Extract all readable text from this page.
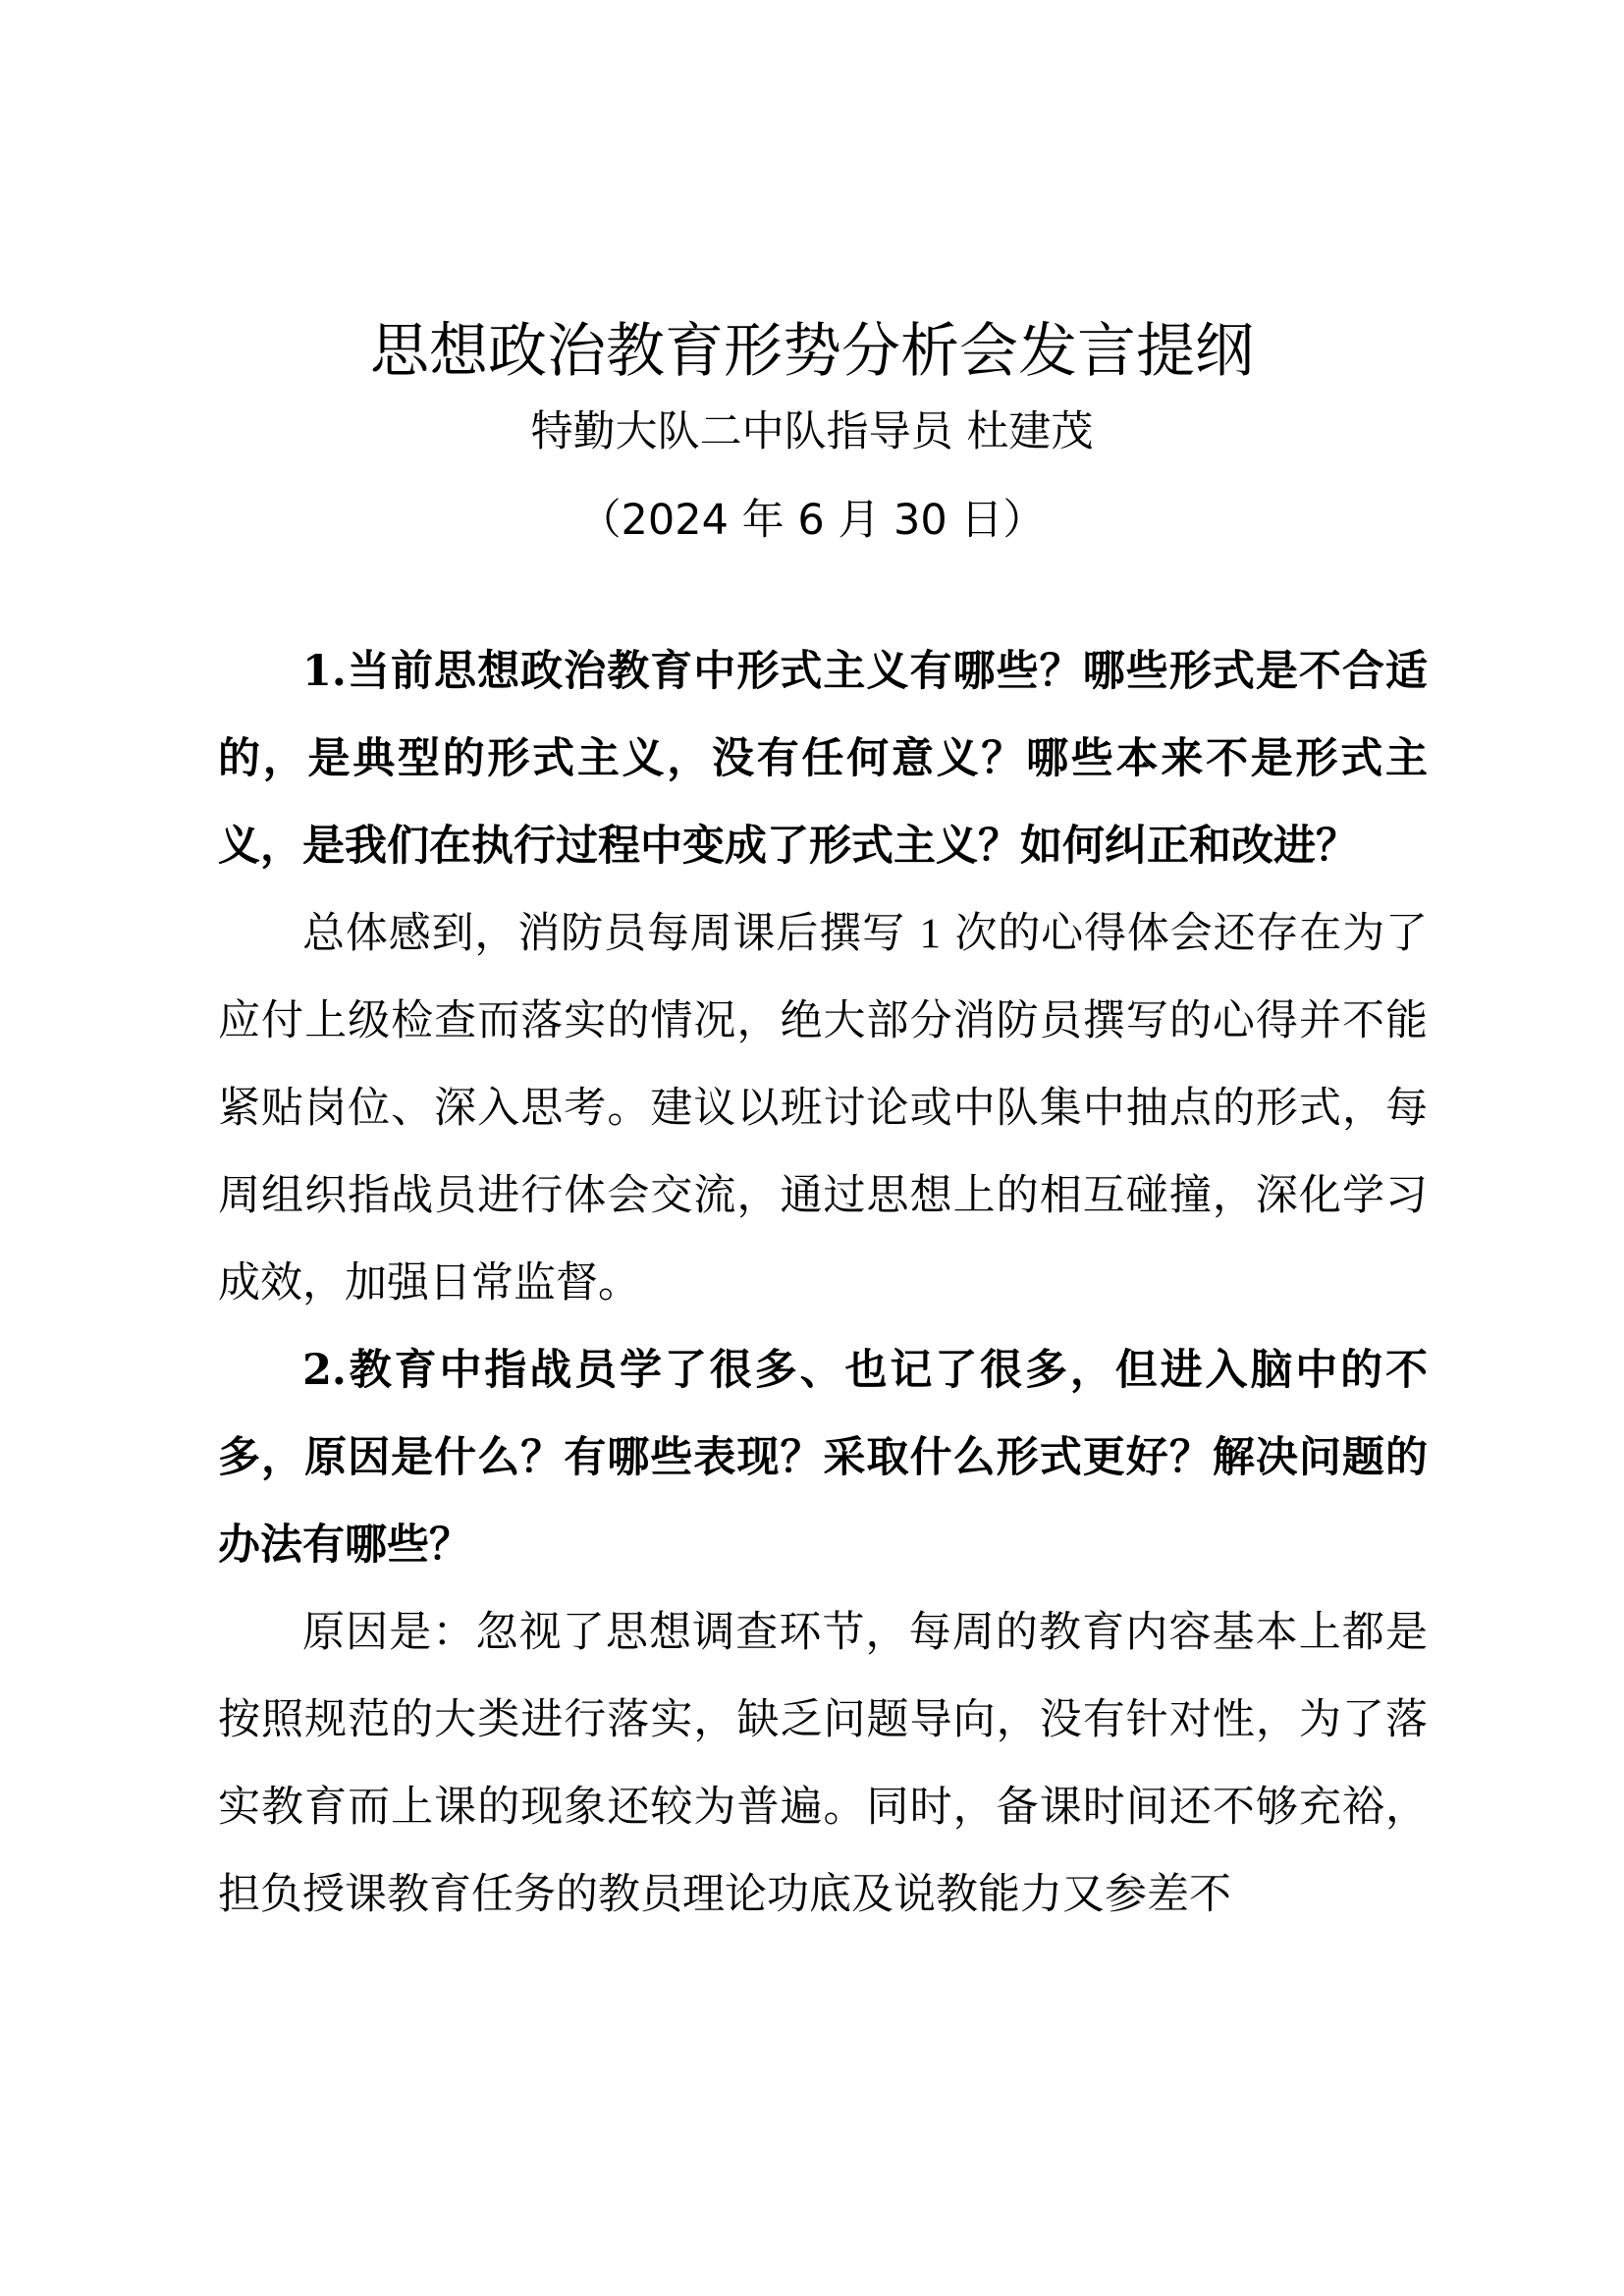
思想政治教育形势分析会发言提纲

特勤大队二中队指导员 杜建茂

（2024 年 6 月 30 日）

1.当前思想政治教育中形式主义有哪些？哪些形式是不合适的，是典型的形式主义，没有任何意义？哪些本来不是形式主义，是我们在执行过程中变成了形式主义？如何纠正和改进？

总体感到，消防员每周课后撰写 1 次的心得体会还存在为了应付上级检查而落实的情况，绝大部分消防员撰写的心得并不能紧贴岗位、深入思考。建议以班讨论或中队集中抽点的形式，每周组织指战员进行体会交流，通过思想上的相互碰撞，深化学习成效，加强日常监督。

2.教育中指战员学了很多、也记了很多，但进入脑中的不多，原因是什么？有哪些表现？采取什么形式更好？解决问题的办法有哪些？

原因是：忽视了思想调查环节，每周的教育内容基本上都是按照规范的大类进行落实，缺乏问题导向，没有针对性，为了落实教育而上课的现象还较为普遍。同时，备课时间还不够充裕，担负授课教育任务的教员理论功底及说教能力又参差不
